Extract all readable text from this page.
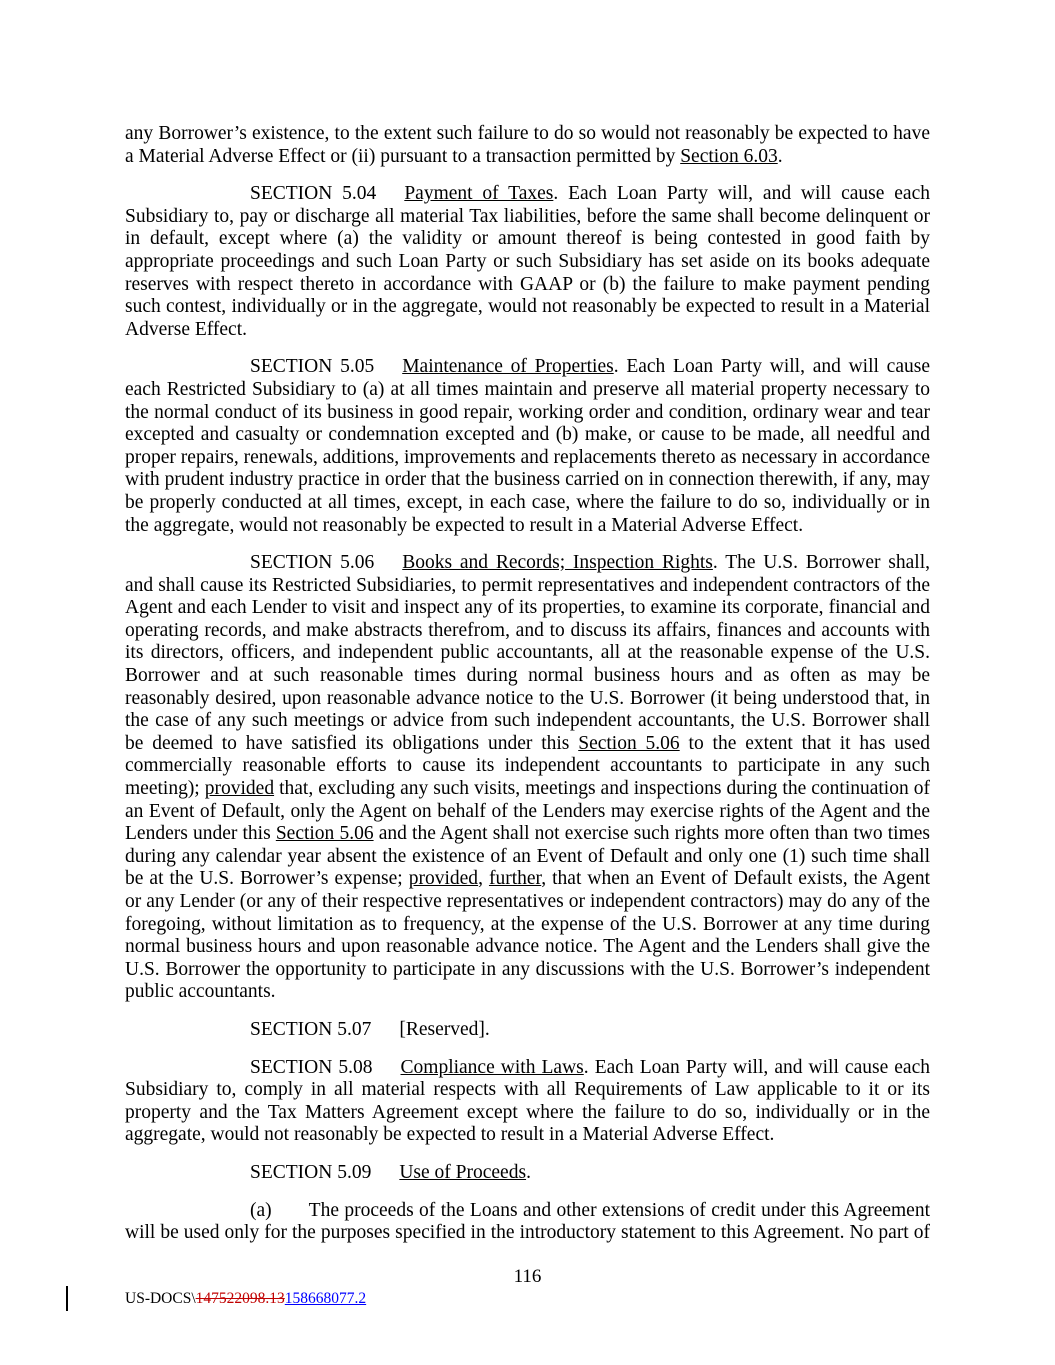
any Borrower’s existence, to the extent such failure to do so would not reasonably be expected to have a Material Adverse Effect or (ii) pursuant to a transaction permitted by Section 6.03.

SECTION 5.04 Payment of Taxes. Each Loan Party will, and will cause each Subsidiary to, pay or discharge all material Tax liabilities, before the same shall become delinquent or in default, except where (a) the validity or amount thereof is being contested in good faith by appropriate proceedings and such Loan Party or such Subsidiary has set aside on its books adequate reserves with respect thereto in accordance with GAAP or (b) the failure to make payment pending such contest, individually or in the aggregate, would not reasonably be expected to result in a Material Adverse Effect.

SECTION 5.05 Maintenance of Properties. Each Loan Party will, and will cause each Restricted Subsidiary to (a) at all times maintain and preserve all material property necessary to the normal conduct of its business in good repair, working order and condition, ordinary wear and tear excepted and casualty or condemnation excepted and (b) make, or cause to be made, all needful and proper repairs, renewals, additions, improvements and replacements thereto as necessary in accordance with prudent industry practice in order that the business carried on in connection therewith, if any, may be properly conducted at all times, except, in each case, where the failure to do so, individually or in the aggregate, would not reasonably be expected to result in a Material Adverse Effect.

SECTION 5.06 Books and Records; Inspection Rights. The U.S. Borrower shall, and shall cause its Restricted Subsidiaries, to permit representatives and independent contractors of the Agent and each Lender to visit and inspect any of its properties, to examine its corporate, financial and operating records, and make abstracts therefrom, and to discuss its affairs, finances and accounts with its directors, officers, and independent public accountants, all at the reasonable expense of the U.S. Borrower and at such reasonable times during normal business hours and as often as may be reasonably desired, upon reasonable advance notice to the U.S. Borrower (it being understood that, in the case of any such meetings or advice from such independent accountants, the U.S. Borrower shall be deemed to have satisfied its obligations under this Section 5.06 to the extent that it has used commercially reasonable efforts to cause its independent accountants to participate in any such meeting); provided that, excluding any such visits, meetings and inspections during the continuation of an Event of Default, only the Agent on behalf of the Lenders may exercise rights of the Agent and the Lenders under this Section 5.06 and the Agent shall not exercise such rights more often than two times during any calendar year absent the existence of an Event of Default and only one (1) such time shall be at the U.S. Borrower’s expense; provided, further, that when an Event of Default exists, the Agent or any Lender (or any of their respective representatives or independent contractors) may do any of the foregoing, without limitation as to frequency, at the expense of the U.S. Borrower at any time during normal business hours and upon reasonable advance notice. The Agent and the Lenders shall give the U.S. Borrower the opportunity to participate in any discussions with the U.S. Borrower’s independent public accountants.

SECTION 5.07 [Reserved].

SECTION 5.08 Compliance with Laws. Each Loan Party will, and will cause each Subsidiary to, comply in all material respects with all Requirements of Law applicable to it or its property and the Tax Matters Agreement except where the failure to do so, individually or in the aggregate, would not reasonably be expected to result in a Material Adverse Effect.

SECTION 5.09 Use of Proceeds.

(a) The proceeds of the Loans and other extensions of credit under this Agreement will be used only for the purposes specified in the introductory statement to this Agreement. No part of

116
US-DOCS\147522098.13158668077.2
